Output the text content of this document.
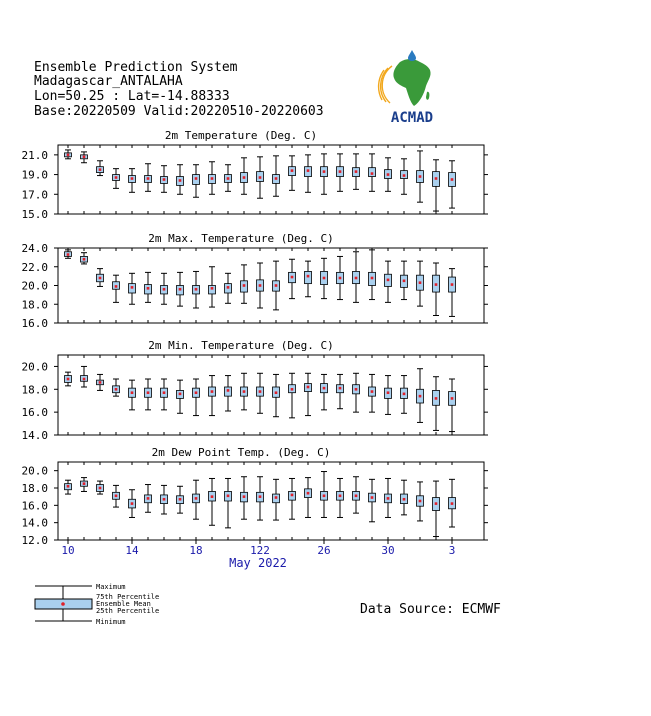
Ensemble Prediction System
Madagascar_ANTALAHA
Lon=50.25 : Lat=-14.88333
Base:20220509 Valid:20220510-20220603	ACMAD
2m Temperature (Deg. C)
21.0
19.0
17.0
15.0
2m Max. Temperature (Deg. C)
24.0
22.0
20.0
18.0
16.0
2m Min. Temperature (Deg. C)
20.0
18.0
16.0
14.0
2m Dew Point Temp. (Deg. C)
20.0
18.0
16.0
14.0
12.0
10	14	18	122	26	30	3
May 2022
Maximum
75th Percentile
Ensemble Mean
25th Percentile
Minimum
Data Source: ECMWF
